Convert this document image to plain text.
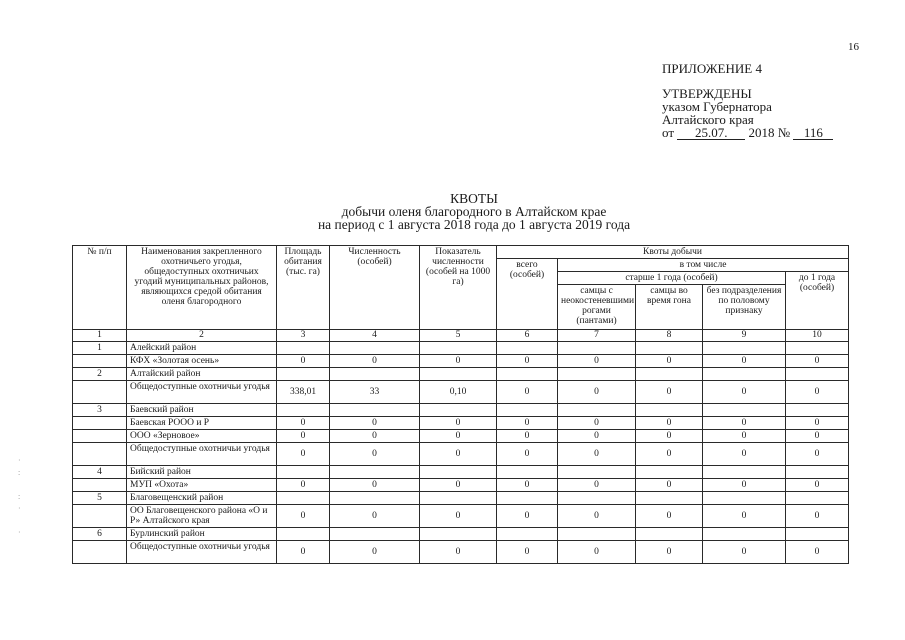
16
ПРИЛОЖЕНИЕ 4
УТВЕРЖДЕНЫ
указом Губернатора
Алтайского края
от 25.07. 2018 № 116
КВОТЫ
добычи оленя благородного в Алтайском крае
на период с 1 августа 2018 года до 1 августа 2019 года
№ п/п	Наименования закрепленного охотничьего угодья, общедоступных охотничьих угодий муниципальных районов, являющихся средой обитания оленя благородного	Площадь обитания (тыс. га)	Численность (особей)	Показатель численности (особей на 1000 га)	Квоты добычи				
					всего (особей)	в том числе			
						старше 1 года (особей)			до 1 года (особей)
						самцы с неокостеневшими рогами (пантами)	самцы во время гона	без подразделения по половому признаку	
1	2	3	4	5	6	7	8	9	10
1	Алейский район								
	КФХ «Золотая осень»	0	0	0	0	0	0	0	0
2	Алтайский район								
	Общедоступные охотничьи угодья	338,01	33	0,10	0	0	0	0	0
3	Баевский район								
	Баевская РООО и Р	0	0	0	0	0	0	0	0
	ООО «Зерновое»	0	0	0	0	0	0	0	0
	Общедоступные охотничьи угодья	0	0	0	0	0	0	0	0
4	Бийский район								
	МУП «Охота»	0	0	0	0	0	0	0	0
5	Благовещенский район								
	ОО Благовещенского района «О и Р» Алтайского края	0	0	0	0	0	0	0	0
6	Бурлинский район								
	Общедоступные охотничьи угодья	0	0	0	0	0	0	0	0
·
:

:
·

·
